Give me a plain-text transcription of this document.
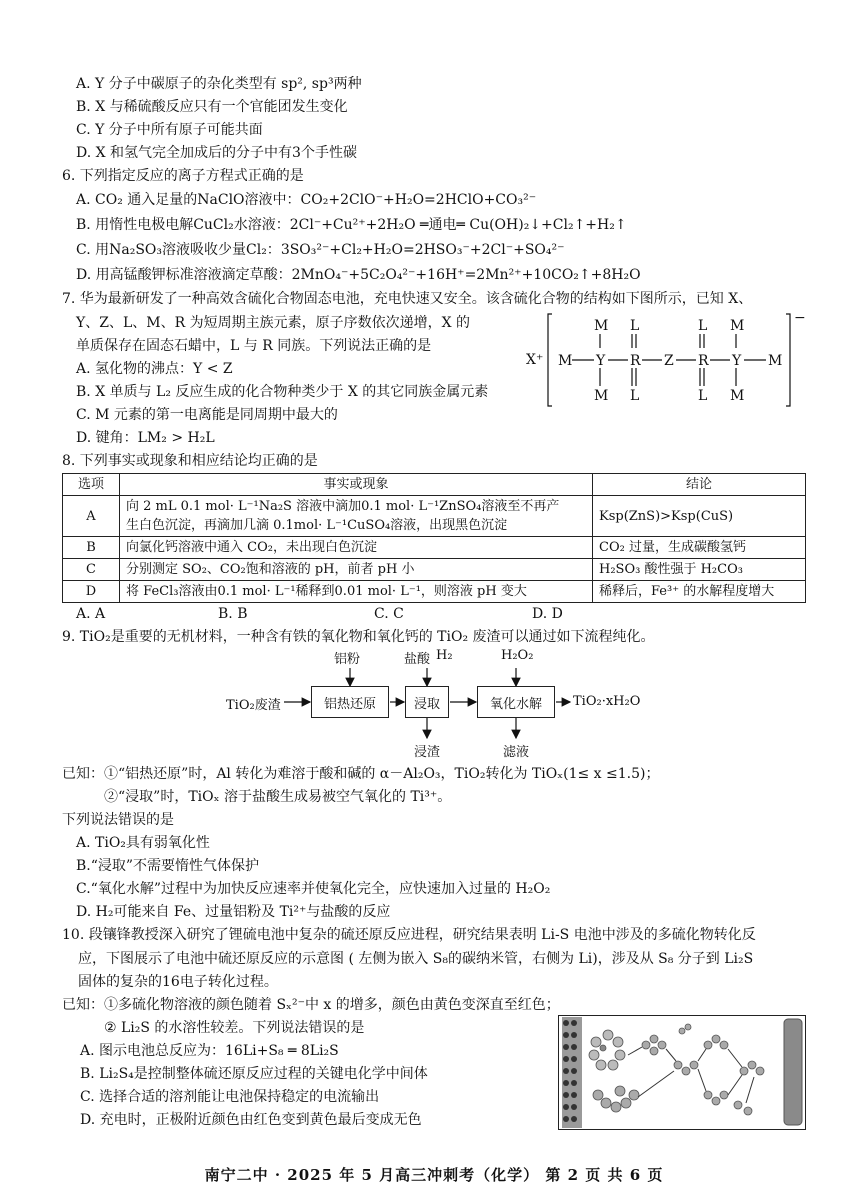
A. Y 分子中碳原子的杂化类型有 sp², sp³两种
B. X 与稀硫酸反应只有一个官能团发生变化
C. Y 分子中所有原子可能共面
D. X 和氢气完全加成后的分子中有3个手性碳
6. 下列指定反应的离子方程式正确的是
A. CO₂ 通入足量的NaClO溶液中：CO₂+2ClO⁻+H₂O=2HClO+CO₃²⁻
B. 用惰性电极电解CuCl₂水溶液：2Cl⁻+Cu²⁺+2H₂O ═通电═ Cu(OH)₂↓+Cl₂↑+H₂↑
C. 用Na₂SO₃溶液吸收少量Cl₂：3SO₃²⁻+Cl₂+H₂O=2HSO₃⁻+2Cl⁻+SO₄²⁻
D. 用高锰酸钾标准溶液滴定草酸：2MnO₄⁻+5C₂O₄²⁻+16H⁺=2Mn²⁺+10CO₂↑+8H₂O
7. 华为最新研发了一种高效含硫化合物固态电池，充电快速又安全。该含硫化合物的结构如下图所示，已知 X、
Y、Z、L、M、R 为短周期主族元素，原子序数依次递增，X 的
单质保存在固态石蜡中，L 与 R 同族。下列说法正确的是
A. 氢化物的沸点：Y < Z
B. X 单质与 L₂ 反应生成的化合物种类少于 X 的其它同族金属元素
C. M 元素的第一电离能是同周期中最大的
D. 键角：LM₂ > H₂L
X⁺
−
M Y
M
M
R
L
L
Z R
L
L
Y
M
M
M
8. 下列事实或现象和相应结论均正确的是
选项	事实或现象	结论
A	向 2 mL 0.1 mol· L⁻¹Na₂S 溶液中滴加0.1 mol· L⁻¹ZnSO₄溶液至不再产
生白色沉淀，再滴加几滴 0.1mol· L⁻¹CuSO₄溶液，出现黑色沉淀	Ksp(ZnS)>Ksp(CuS)
B	向氯化钙溶液中通入 CO₂，未出现白色沉淀	CO₂ 过量，生成碳酸氢钙
C	分别测定 SO₂、CO₂饱和溶液的 pH，前者 pH 小	H₂SO₃ 酸性强于 H₂CO₃
D	将 FeCl₃溶液由0.1 mol· L⁻¹稀释到0.01 mol· L⁻¹，则溶液 pH 变大	稀释后，Fe³⁺ 的水解程度增大
A. A	B. B	C. C	D. D
9. TiO₂是重要的无机材料，一种含有铁的氧化物和氧化钙的 TiO₂ 废渣可以通过如下流程纯化。
TiO₂废渣	铝热还原	浸取	氧化水解	TiO₂·xH₂O
铝粉	盐酸 H₂	H₂O₂
浸渣	滤液
已知：①“铝热还原”时，Al 转化为难溶于酸和碱的 α－Al₂O₃，TiO₂转化为 TiOₓ(1≤ x ≤1.5)；
②“浸取”时，TiOₓ 溶于盐酸生成易被空气氧化的 Ti³⁺。
下列说法错误的是
A. TiO₂具有弱氧化性
B.“浸取”不需要惰性气体保护
C.“氧化水解”过程中为加快反应速率并使氧化完全，应快速加入过量的 H₂O₂
D. H₂可能来自 Fe、过量铝粉及 Ti²⁺与盐酸的反应
10. 段镶锋教授深入研究了锂硫电池中复杂的硫还原反应进程，研究结果表明 Li-S 电池中涉及的多硫化物转化反
应，下图展示了电池中硫还原反应的示意图 ( 左侧为嵌入 S₈的碳纳米管，右侧为 Li)，涉及从 S₈ 分子到 Li₂S
固体的复杂的16电子转化过程。
已知：①多硫化物溶液的颜色随着 Sₓ²⁻中 x 的增多，颜色由黄色变深直至红色；
② Li₂S 的水溶性较差。下列说法错误的是
A. 图示电池总反应为：16Li+S₈ ═ 8Li₂S
B. Li₂S₄是控制整体硫还原反应过程的关键电化学中间体
C. 选择合适的溶剂能让电池保持稳定的电流输出
D. 充电时，正极附近颜色由红色变到黄色最后变成无色
南宁二中 · 2025 年 5 月高三冲刺考（化学） 第 2 页 共 6 页
